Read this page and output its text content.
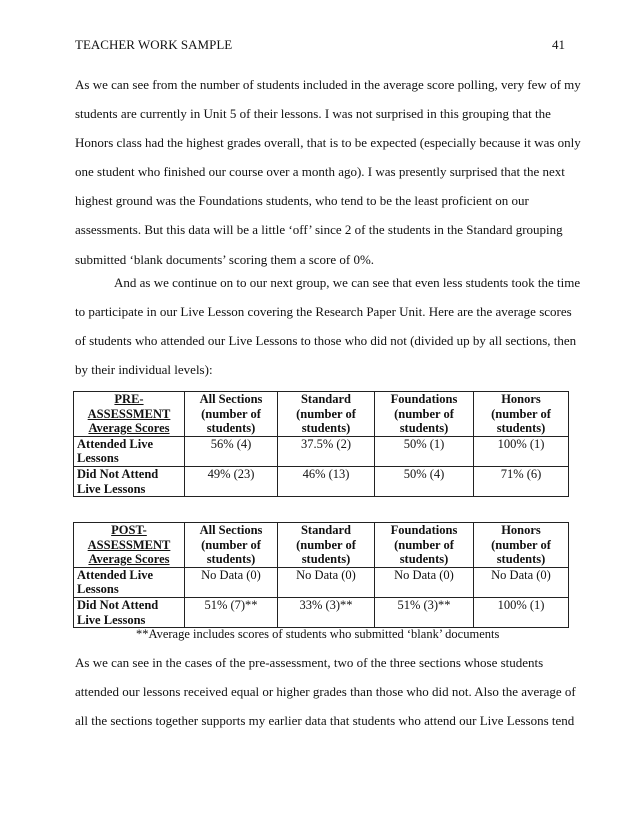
TEACHER WORK SAMPLE	41

As we can see from the number of students included in the average score polling, very few of my
students are currently in Unit 5 of their lessons. I was not surprised in this grouping that the
Honors class had the highest grades overall, that is to be expected (especially because it was only
one student who finished our course over a month ago). I was presently surprised that the next
highest ground was the Foundations students, who tend to be the least proficient on our
assessments. But this data will be a little ‘off’ since 2 of the students in the Standard grouping
submitted ‘blank documents’ scoring them a score of 0%.

And as we continue on to our next group, we can see that even less students took the time
to participate in our Live Lesson covering the Research Paper Unit. Here are the average scores
of students who attended our Live Lessons to those who did not (divided up by all sections, then
by their individual levels):

PRE-
ASSESSMENT
Average Scores	All Sections
(number of
students)	Standard
(number of
students)	Foundations
(number of
students)	Honors
(number of
students)
Attended Live
Lessons	56% (4)	37.5% (2)	50% (1)	100% (1)
Did Not Attend
Live Lessons	49% (23)	46% (13)	50% (4)	71% (6)
POST-
ASSESSMENT
Average Scores	All Sections
(number of
students)	Standard
(number of
students)	Foundations
(number of
students)	Honors
(number of
students)
Attended Live
Lessons	No Data (0)	No Data (0)	No Data (0)	No Data (0)
Did Not Attend
Live Lessons	51% (7)**	33% (3)**	51% (3)**	100% (1)
**Average includes scores of students who submitted ‘blank’ documents

As we can see in the cases of the pre-assessment, two of the three sections whose students
attended our lessons received equal or higher grades than those who did not. Also the average of
all the sections together supports my earlier data that students who attend our Live Lessons tend
